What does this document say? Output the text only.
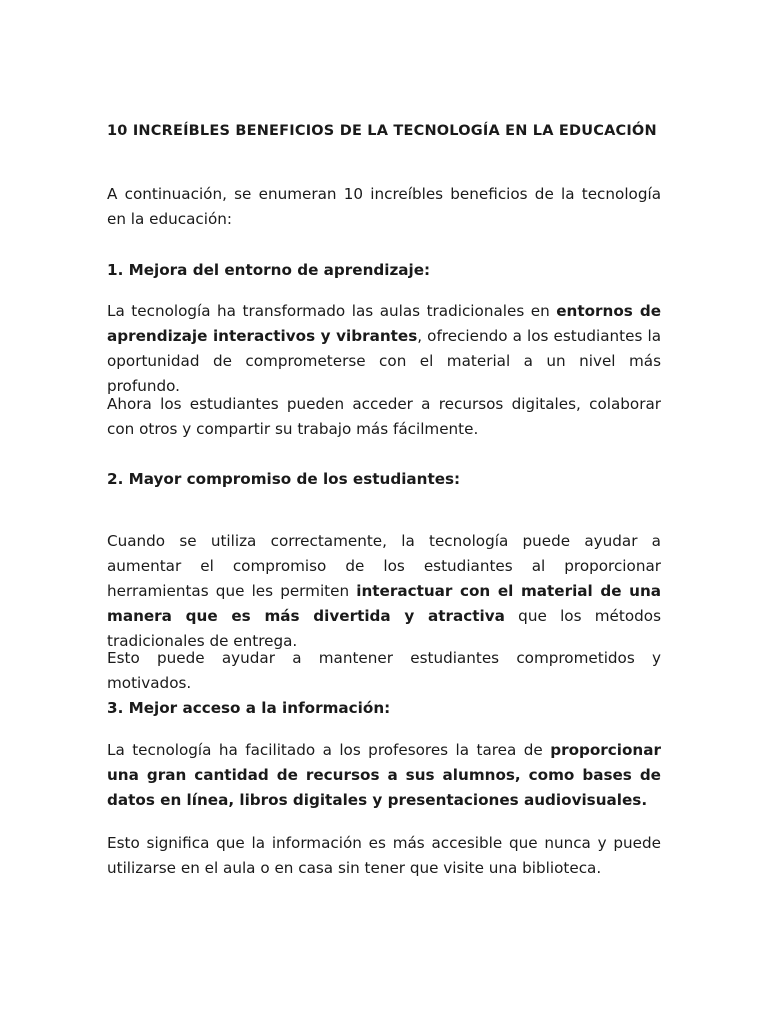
10 INCREÍBLES BENEFICIOS DE LA TECNOLOGÍA EN LA EDUCACIÓN

A continuación, se enumeran 10 increíbles beneficios de la tecnología en la educación:

1. Mejora del entorno de aprendizaje:

La tecnología ha transformado las aulas tradicionales en entornos de aprendizaje interactivos y vibrantes, ofreciendo a los estudiantes la oportunidad de comprometerse con el material a un nivel más profundo.

Ahora los estudiantes pueden acceder a recursos digitales, colaborar con otros y compartir su trabajo más fácilmente.

2. Mayor compromiso de los estudiantes:

Cuando se utiliza correctamente, la tecnología puede ayudar a aumentar el compromiso de los estudiantes al proporcionar herramientas que les permiten interactuar con el material de una manera que es más divertida y atractiva que los métodos tradicionales de entrega.

Esto puede ayudar a mantener estudiantes comprometidos y motivados.

3. Mejor acceso a la información:

La tecnología ha facilitado a los profesores la tarea de proporcionar una gran cantidad de recursos a sus alumnos, como bases de datos en línea, libros digitales y presentaciones audiovisuales.

Esto significa que la información es más accesible que nunca y puede utilizarse en el aula o en casa sin tener que visite una biblioteca.
